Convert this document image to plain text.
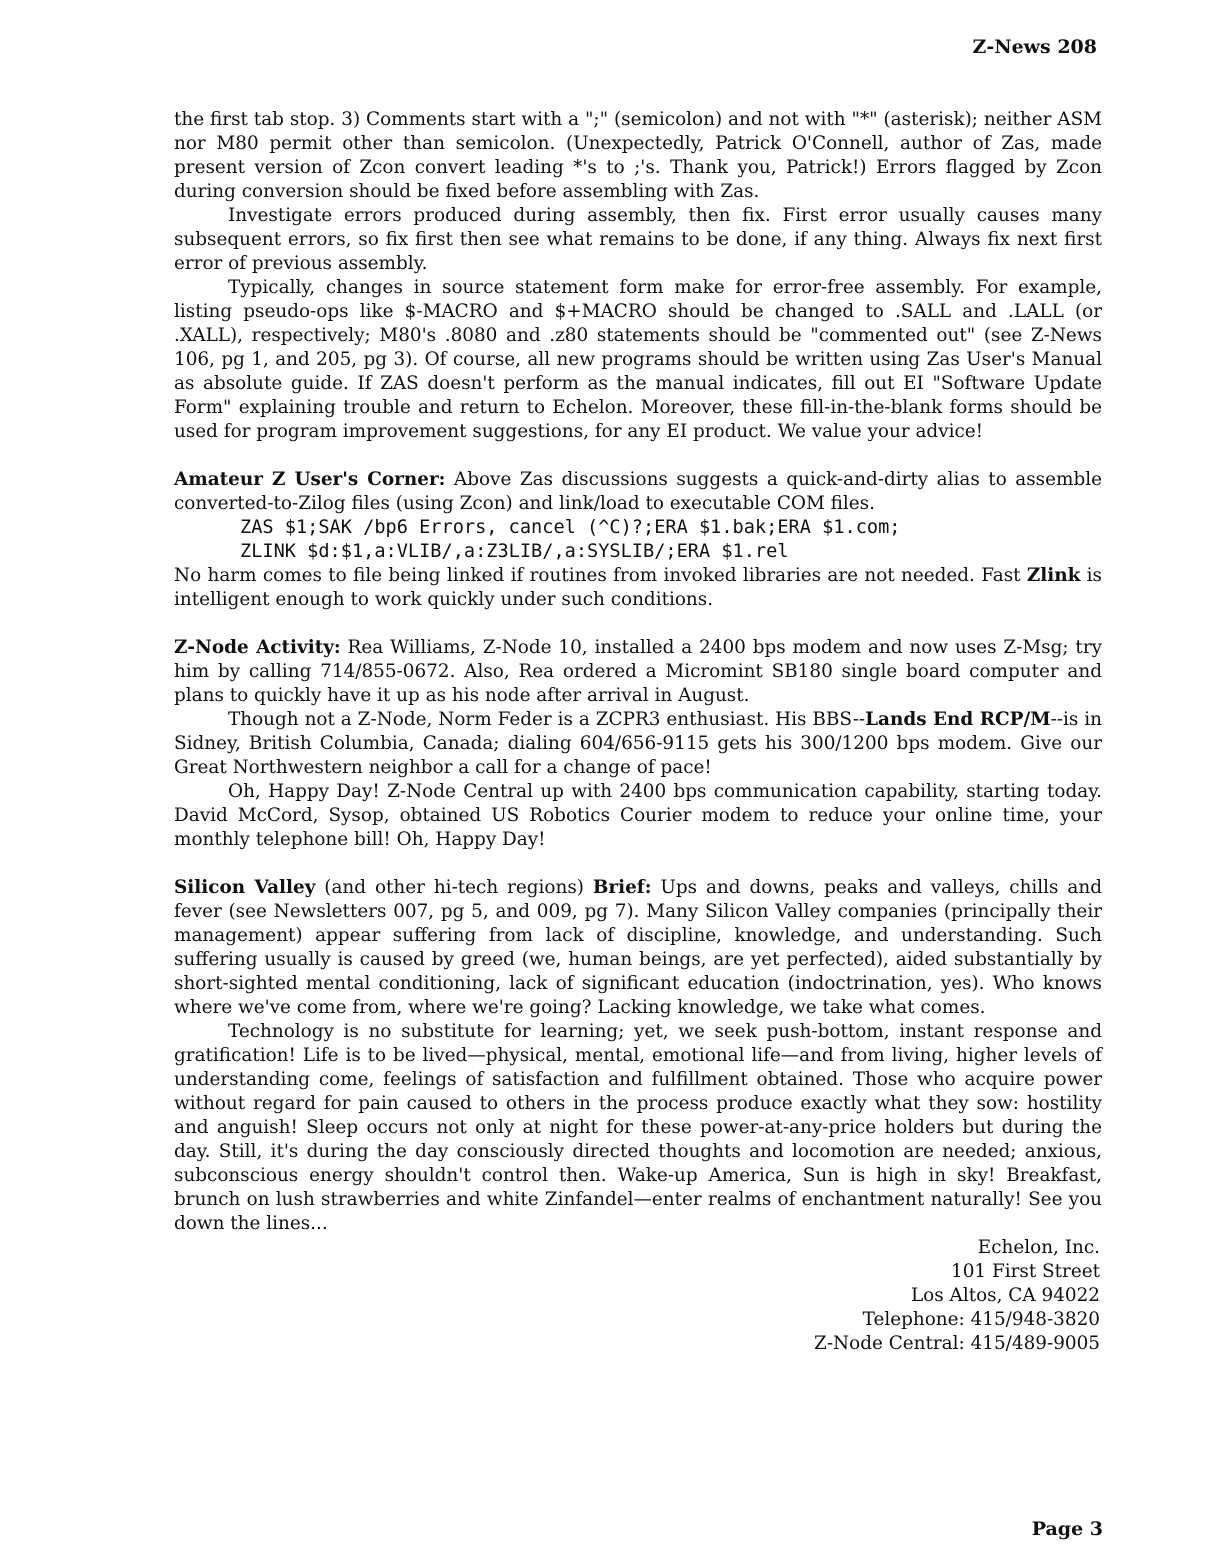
Z-News 208

the first tab stop. 3) Comments start with a ";" (semicolon) and not with "*" (asterisk); neither ASM nor M80 permit other than semicolon. (Unexpectedly, Patrick O'Connell, author of Zas, made present version of Zcon convert leading *'s to ;'s. Thank you, Patrick!) Errors flagged by Zcon during conversion should be fixed before assembling with Zas.

Investigate errors produced during assembly, then fix. First error usually causes many subsequent errors, so fix first then see what remains to be done, if any thing. Always fix next first error of previous assembly.

Typically, changes in source statement form make for error-free assembly. For example, listing pseudo-ops like $-MACRO and $+MACRO should be changed to .SALL and .LALL (or .XALL), respectively; M80's .8080 and .z80 statements should be "commented out" (see Z-News 106, pg 1, and 205, pg 3). Of course, all new programs should be written using Zas User's Manual as absolute guide. If ZAS doesn't perform as the manual indicates, fill out EI "Software Update Form" explaining trouble and return to Echelon. Moreover, these fill-in-the-blank forms should be used for program improvement suggestions, for any EI product. We value your advice!

Amateur Z User's Corner: Above Zas discussions suggests a quick-and-dirty alias to assemble converted-to-Zilog files (using Zcon) and link/load to executable COM files.

ZAS $1;SAK /bp6 Errors, cancel (^C)?;ERA $1.bak;ERA $1.com;
ZLINK $d:$1,a:VLIB/,a:Z3LIB/,a:SYSLIB/;ERA $1.rel

No harm comes to file being linked if routines from invoked libraries are not needed. Fast Zlink is intelligent enough to work quickly under such conditions.

Z-Node Activity: Rea Williams, Z-Node 10, installed a 2400 bps modem and now uses Z-Msg; try him by calling 714/855-0672. Also, Rea ordered a Micromint SB180 single board computer and plans to quickly have it up as his node after arrival in August.

Though not a Z-Node, Norm Feder is a ZCPR3 enthusiast. His BBS--Lands End RCP/M--is in Sidney, British Columbia, Canada; dialing 604/656-9115 gets his 300/1200 bps modem. Give our Great Northwestern neighbor a call for a change of pace!

Oh, Happy Day! Z-Node Central up with 2400 bps communication capability, starting today. David McCord, Sysop, obtained US Robotics Courier modem to reduce your online time, your monthly telephone bill! Oh, Happy Day!

Silicon Valley (and other hi-tech regions) Brief: Ups and downs, peaks and valleys, chills and fever (see Newsletters 007, pg 5, and 009, pg 7). Many Silicon Valley companies (principally their management) appear suffering from lack of discipline, knowledge, and understanding. Such suffering usually is caused by greed (we, human beings, are yet perfected), aided substantially by short-sighted mental conditioning, lack of significant education (indoctrination, yes). Who knows where we've come from, where we're going? Lacking knowledge, we take what comes.

Technology is no substitute for learning; yet, we seek push-bottom, instant response and gratification! Life is to be lived—physical, mental, emotional life—and from living, higher levels of understanding come, feelings of satisfaction and fulfillment obtained. Those who acquire power without regard for pain caused to others in the process produce exactly what they sow: hostility and anguish! Sleep occurs not only at night for these power-at-any-price holders but during the day. Still, it's during the day consciously directed thoughts and locomotion are needed; anxious, subconscious energy shouldn't control then. Wake-up America, Sun is high in sky! Breakfast, brunch on lush strawberries and white Zinfandel—enter realms of enchantment naturally! See you down the lines...

Echelon, Inc.
101 First Street
Los Altos, CA 94022
Telephone: 415/948-3820
Z-Node Central: 415/489-9005
Page 3
